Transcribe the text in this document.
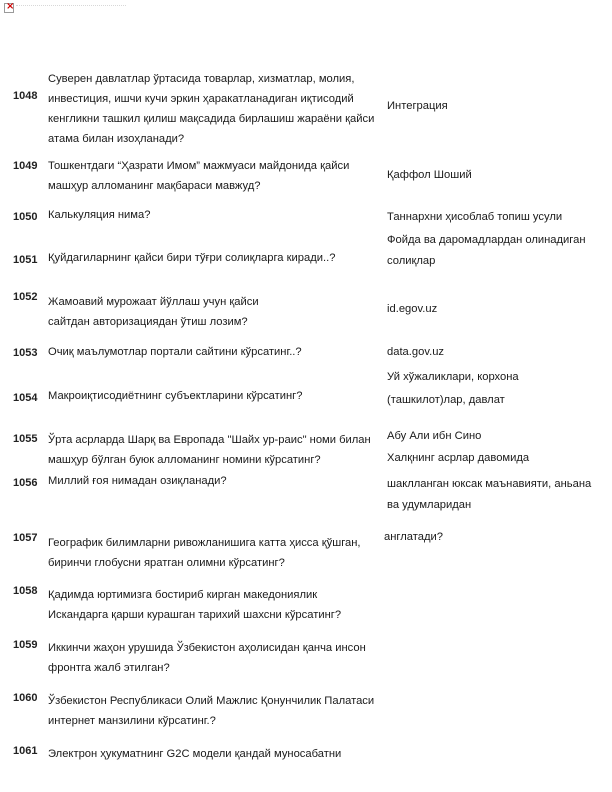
×
1048
1049
1050
1051
1052
1053
1054
1055
1056
1057
1058
1059
1060
1061
Суверен давлатлар ўртасида товарлар, хизматлар, молия,
инвестиция, ишчи кучи эркин ҳаракатланадиган иқтисодий
кенгликни ташкил қилиш мақсадида бирлашиш жараёни қайси
атама билан изоҳланади?
Тошкентдаги “Ҳазрати Имом” мажмуаси майдонида қайси
машҳур алломанинг мақбараси мавжуд?
Калькуляция нима?
Қуйдагиларнинг қайси бири тўғри солиқларга киради..?
Жамоавий мурожаат йўллаш учун қайси
сайтдан авторизациядан ўтиш лозим?
Очиқ маълумотлар портали сайтини кўрсатинг..?
Макроиқтисодиётнинг субъектларини кўрсатинг?
Ўрта асрларда Шарқ ва Европада "Шайх ур-раис" номи билан
машҳур бўлган буюк алломанинг номини кўрсатинг?
Миллий ғоя нимадан озиқланади?
Географик билимларни ривожланишига катта ҳисса қўшган,
биринчи глобусни яратган олимни кўрсатинг?
Қадимда юртимизга бостириб кирган македониялик
Искандарга қарши курашган тарихий шахсни кўрсатинг?
Иккинчи жаҳон урушида Ўзбекистон аҳолисидан қанча инсон
фронтга жалб этилган?
Ўзбекистон Республикаси Олий Мажлис Қонунчилик Палатаси
интернет манзилини кўрсатинг.?
Электрон ҳукуматнинг G2C модели қандай муносабатни
Интеграция
Қаффол Шоший
Таннархни ҳисоблаб топиш усули
Фойда ва даромадлардан олинадиган
солиқлар
id.egov.uz
data.gov.uz
Уй хўжаликлари, корхона
(ташкилот)лар, давлат
Абу Али ибн Сино
Халқнинг асрлар давомида
шаклланган юксак маънавияти, аньана
ва удумларидан
англатади?
